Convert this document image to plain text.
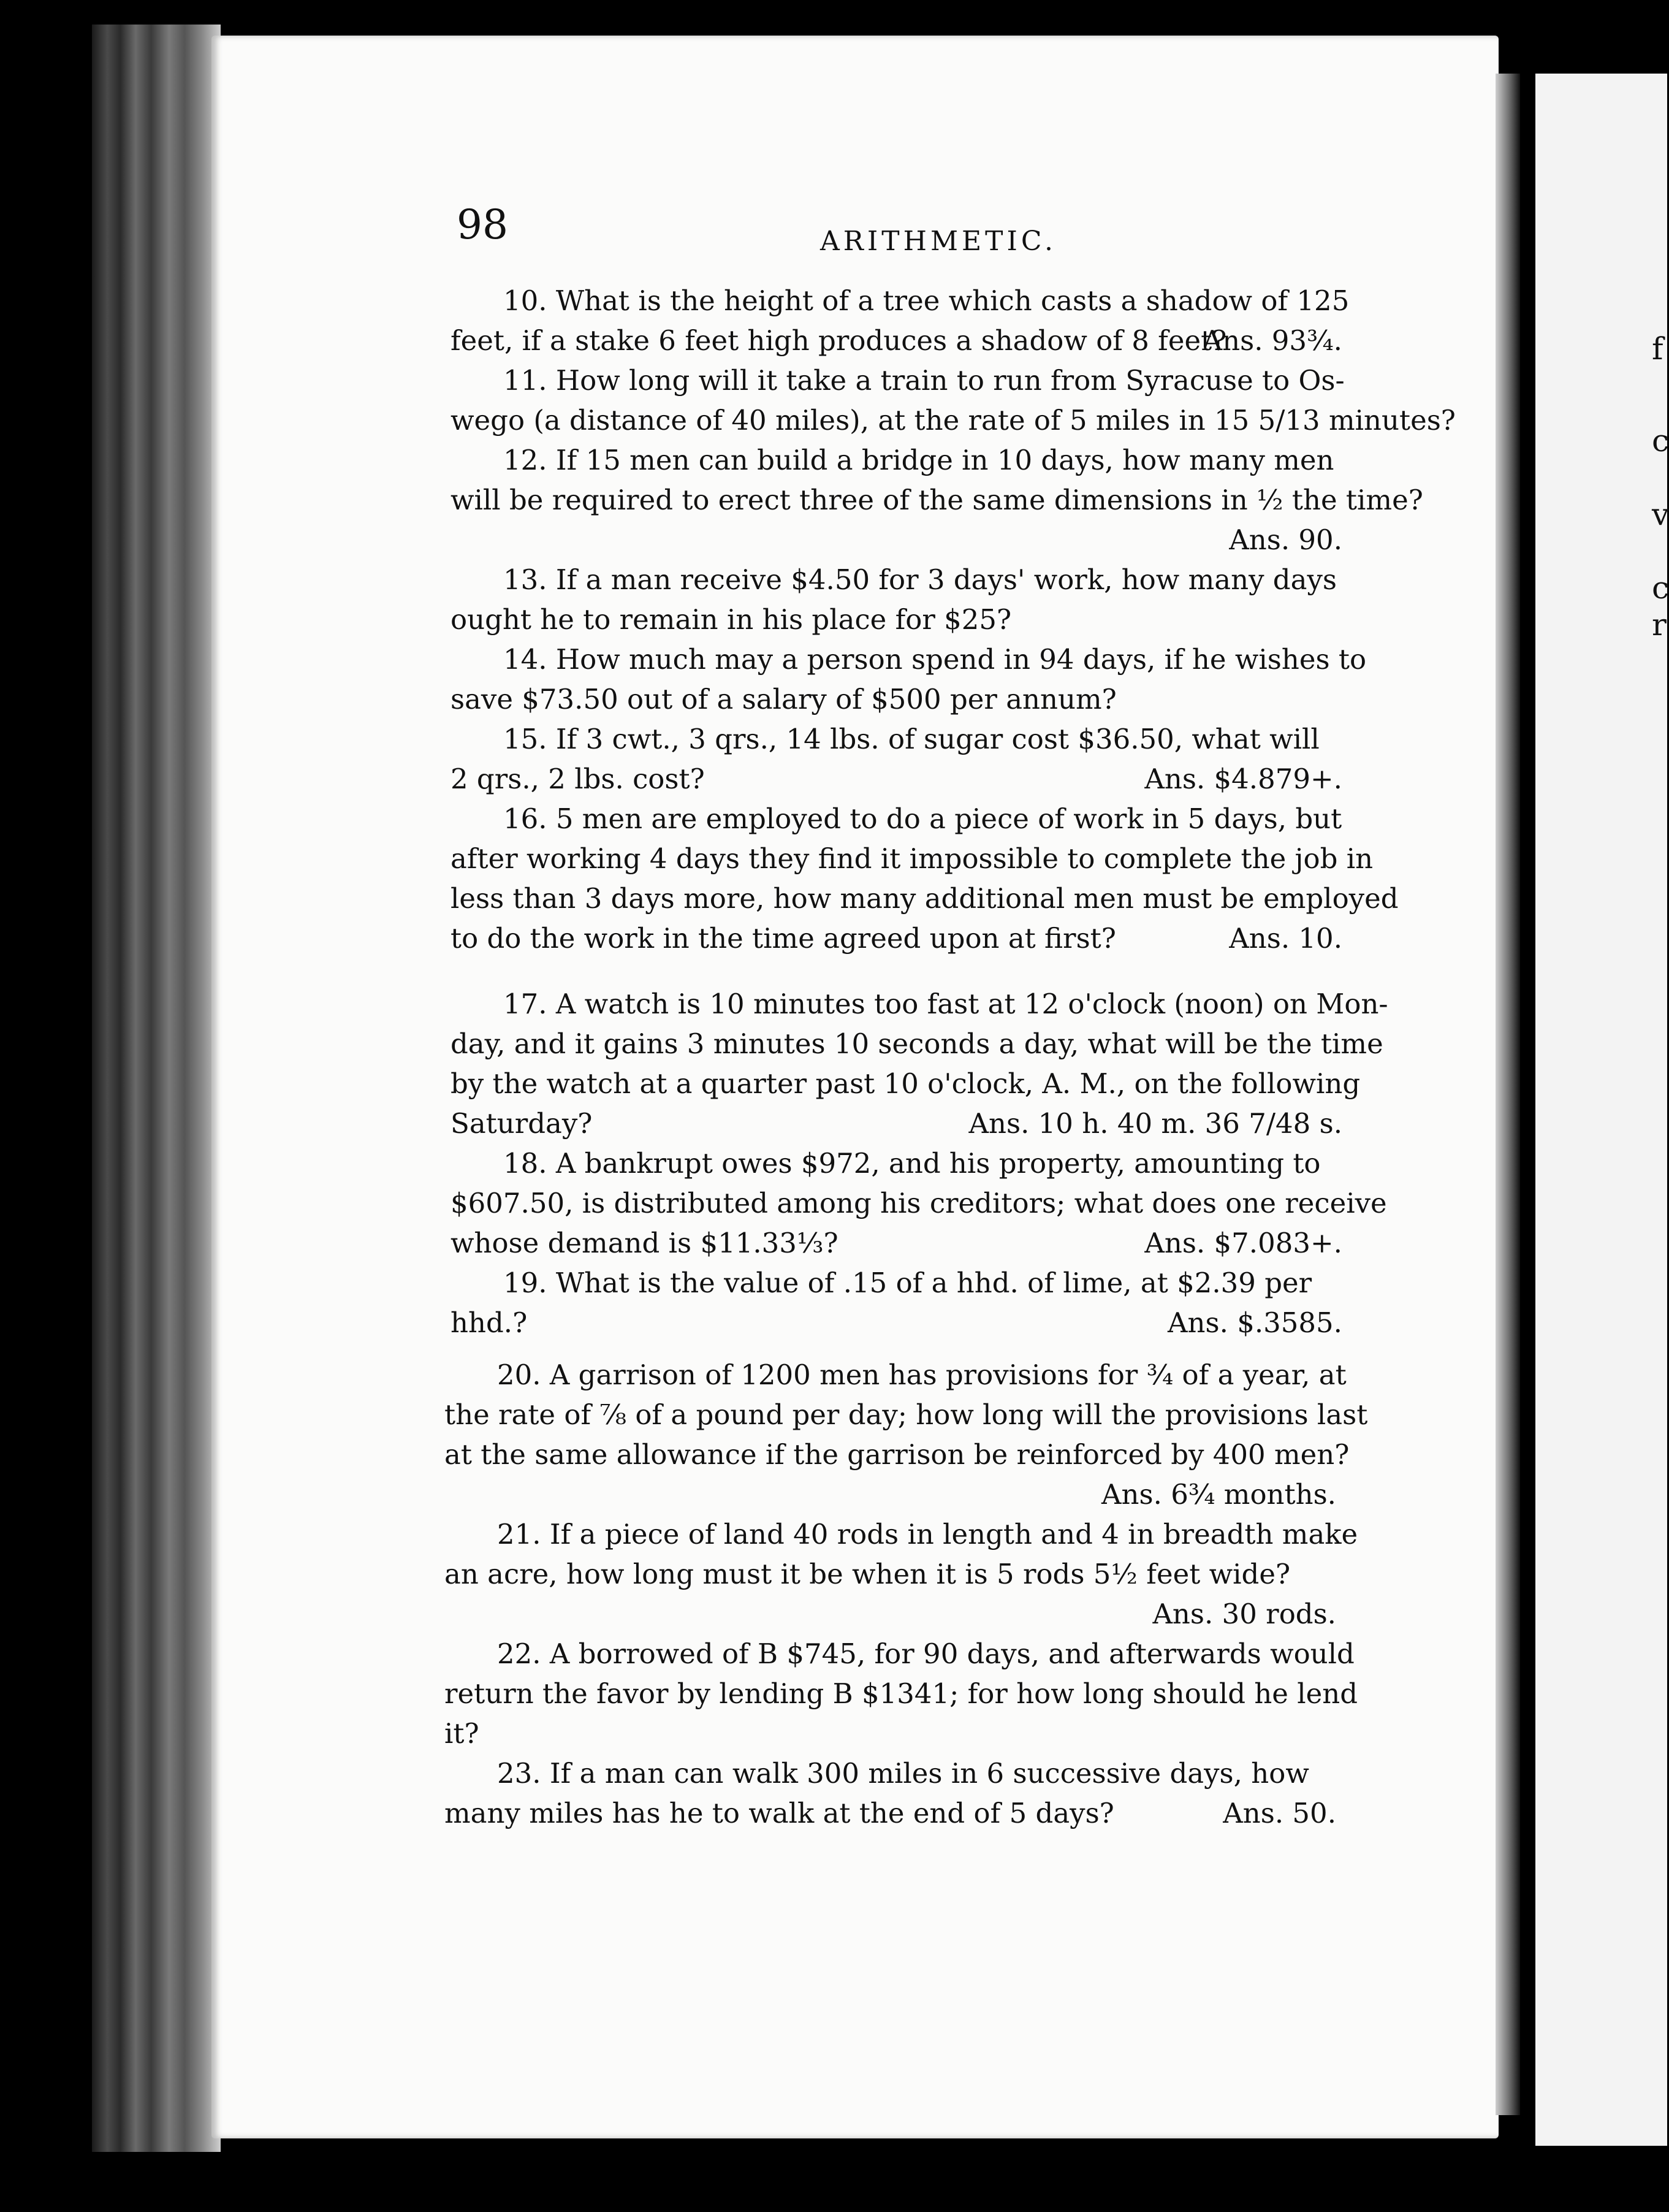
f
c
v
c
r
98	ARITHMETIC.
10. What is the height of a tree which casts a shadow of 125
feet, if a stake 6 feet high produces a shadow of 8 feet?
Ans. 93¾.
11. How long will it take a train to run from Syracuse to Os-
wego (a distance of 40 miles), at the rate of 5 miles in 15 5/13 minutes?
12. If 15 men can build a bridge in 10 days, how many men
will be required to erect three of the same dimensions in ½ the time?
Ans. 90.
13. If a man receive $4.50 for 3 days' work, how many days
ought he to remain in his place for $25?
14. How much may a person spend in 94 days, if he wishes to
save $73.50 out of a salary of $500 per annum?
15. If 3 cwt., 3 qrs., 14 lbs. of sugar cost $36.50, what will
2 qrs., 2 lbs. cost?	Ans. $4.879+.
16. 5 men are employed to do a piece of work in 5 days, but
after working 4 days they find it impossible to complete the job in
less than 3 days more, how many additional men must be employed
to do the work in the time agreed upon at first?	Ans. 10.
17. A watch is 10 minutes too fast at 12 o'clock (noon) on Mon-
day, and it gains 3 minutes 10 seconds a day, what will be the time
by the watch at a quarter past 10 o'clock, A. M., on the following
Saturday?	Ans. 10 h. 40 m. 36 7/48 s.
18. A bankrupt owes $972, and his property, amounting to
$607.50, is distributed among his creditors; what does one receive
whose demand is $11.33⅓?	Ans. $7.083+.
19. What is the value of .15 of a hhd. of lime, at $2.39 per
hhd.?	Ans. $.3585.
20. A garrison of 1200 men has provisions for ¾ of a year, at
the rate of ⅞ of a pound per day; how long will the provisions last
at the same allowance if the garrison be reinforced by 400 men?
Ans. 6¾ months.
21. If a piece of land 40 rods in length and 4 in breadth make
an acre, how long must it be when it is 5 rods 5½ feet wide?
Ans. 30 rods.
22. A borrowed of B $745, for 90 days, and afterwards would
return the favor by lending B $1341; for how long should he lend
it?
23. If a man can walk 300 miles in 6 successive days, how
many miles has he to walk at the end of 5 days?	Ans. 50.
